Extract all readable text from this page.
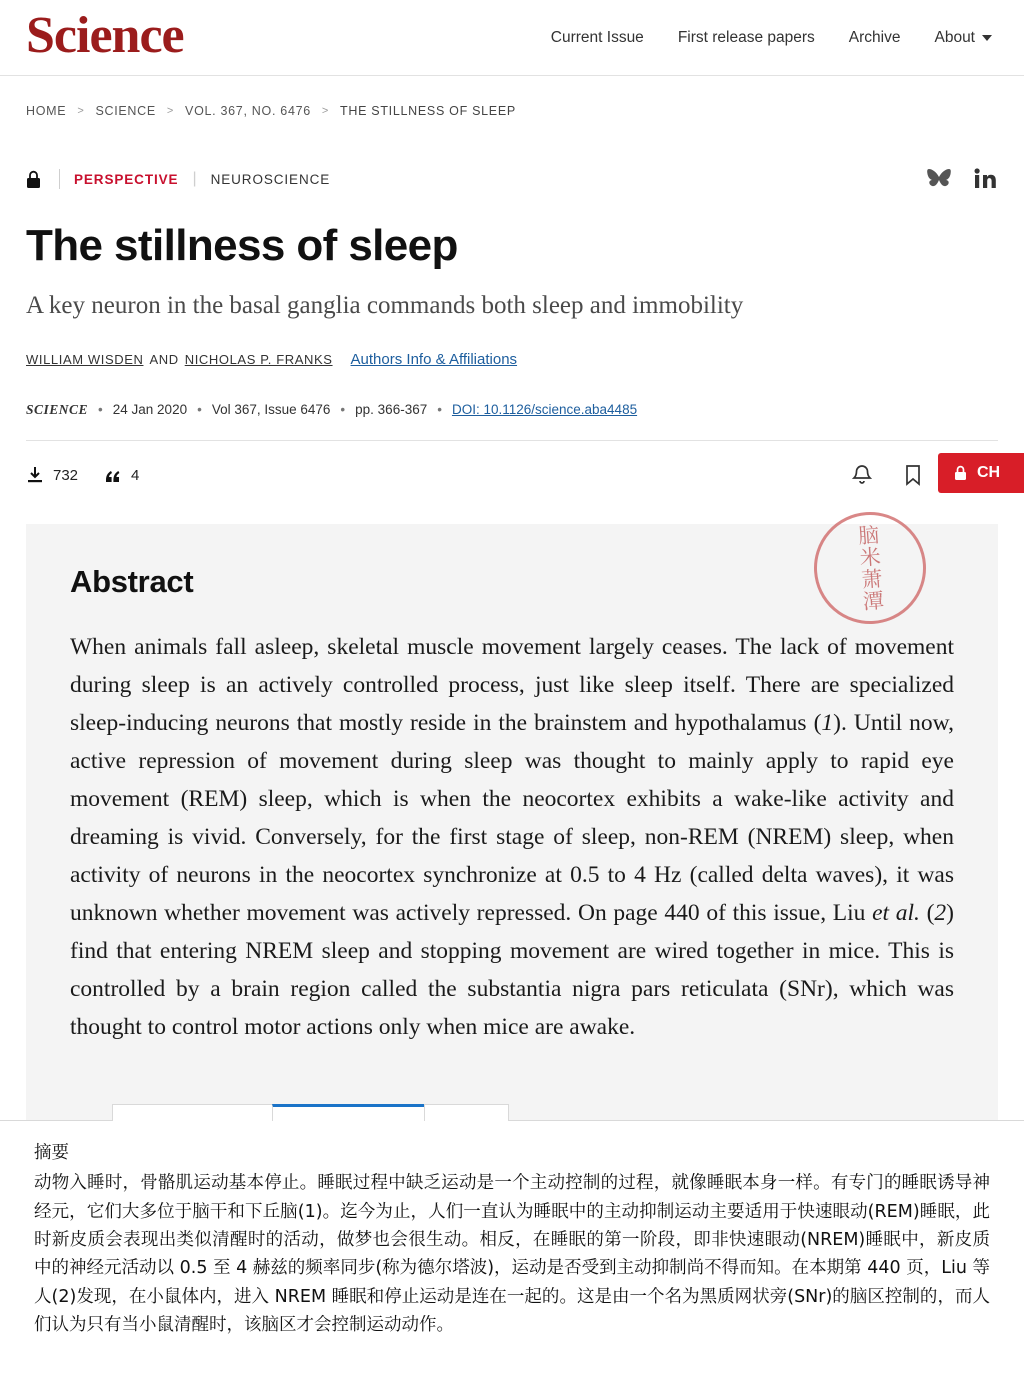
Science	Current Issue First release papers Archive About
HOME > SCIENCE > VOL. 367, NO. 6476 > THE STILLNESS OF SLEEP
PERSPECTIVE | NEUROSCIENCE
The stillness of sleep
A key neuron in the basal ganglia commands both sleep and immobility
WILLIAM WISDEN AND NICHOLAS P. FRANKS Authors Info & Affiliations
SCIENCE • 24 Jan 2020 • Vol 367, Issue 6476 • pp. 366-367 • DOI: 10.1126/science.aba4485
732	4	CH
脑米萧潭
Abstract

When animals fall asleep, skeletal muscle movement largely ceases. The lack of movement during sleep is an actively controlled process, just like sleep itself. There are specialized sleep-inducing neurons that mostly reside in the brainstem and hypothalamus (1). Until now, active repression of movement during sleep was thought to mainly apply to rapid eye movement (REM) sleep, which is when the neocortex exhibits a wake-like activity and dreaming is vivid. Conversely, for the first stage of sleep, non-REM (NREM) sleep, when activity of neurons in the neocortex synchronize at 0.5 to 4 Hz (called delta waves), it was unknown whether movement was actively repressed. On page 440 of this issue, Liu et al. (2) find that entering NREM sleep and stopping movement are wired together in mice. This is controlled by a brain region called the substantia nigra pars reticulata (SNr), which was thought to control motor actions only when mice are awake.

摘要

动物入睡时，骨骼肌运动基本停止。睡眠过程中缺乏运动是一个主动控制的过程，就像睡眠本身一样。有专门的睡眠诱导神经元，它们大多位于脑干和下丘脑(1)。迄今为止，人们一直认为睡眠中的主动抑制运动主要适用于快速眼动(REM)睡眠，此时新皮质会表现出类似清醒时的活动，做梦也会很生动。相反，在睡眠的第一阶段，即非快速眼动(NREM)睡眠中，新皮质中的神经元活动以 0.5 至 4 赫兹的频率同步(称为德尔塔波)，运动是否受到主动抑制尚不得而知。在本期第 440 页，Liu 等人(2)发现，在小鼠体内，进入 NREM 睡眠和停止运动是连在一起的。这是由一个名为黑质网状旁(SNr)的脑区控制的，而人们认为只有当小鼠清醒时，该脑区才会控制运动动作。
